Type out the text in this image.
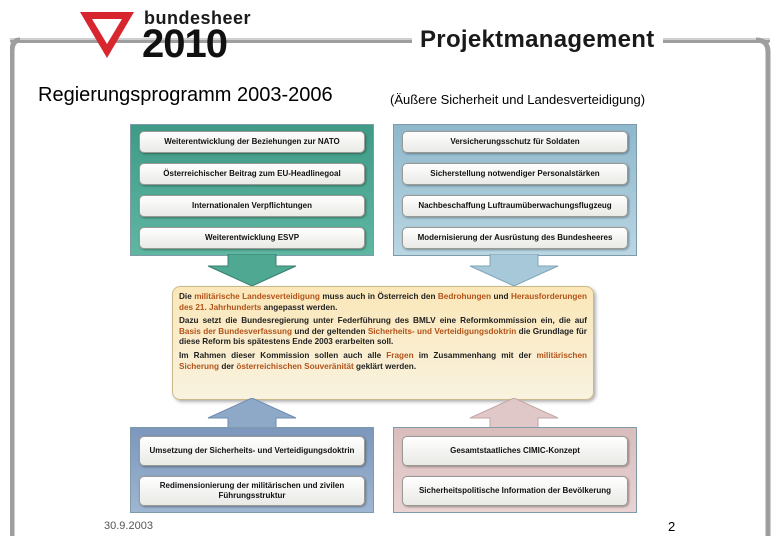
bundesheer
2010	Projektmanagement
Regierungsprogramm 2003-2006	(Äußere Sicherheit und Landesverteidigung)
Weiterentwicklung der Beziehungen zur NATO
Österreichischer Beitrag zum EU-Headlinegoal
Internationalen Verpflichtungen
Weiterentwicklung ESVP
Versicherungsschutz für Soldaten
Sicherstellung notwendiger Personalstärken
Nachbeschaffung Luftraumüberwachungsflugzeug
Modernisierung der Ausrüstung des Bundesheeres

Die militärische Landesverteidigung muss auch in Österreich den Bedrohungen und Herausforderungen des 21. Jahrhunderts angepasst werden.

Dazu setzt die Bundesregierung unter Federführung des BMLV eine Reformkommission ein, die auf Basis der Bundesverfassung und der geltenden Sicherheits- und Verteidigungsdoktrin die Grundlage für diese Reform bis spätestens Ende 2003 erarbeiten soll.

Im Rahmen dieser Kommission sollen auch alle Fragen im Zusammenhang mit der militärischen Sicherung der österreichischen Souveränität geklärt werden.

Umsetzung der Sicherheits- und Verteidigungsdoktrin
Redimensionierung der militärischen und zivilen Führungsstruktur
Gesamtstaatliches CIMIC-Konzept
Sicherheitspolitische Information der Bevölkerung
30.9.2003	2
